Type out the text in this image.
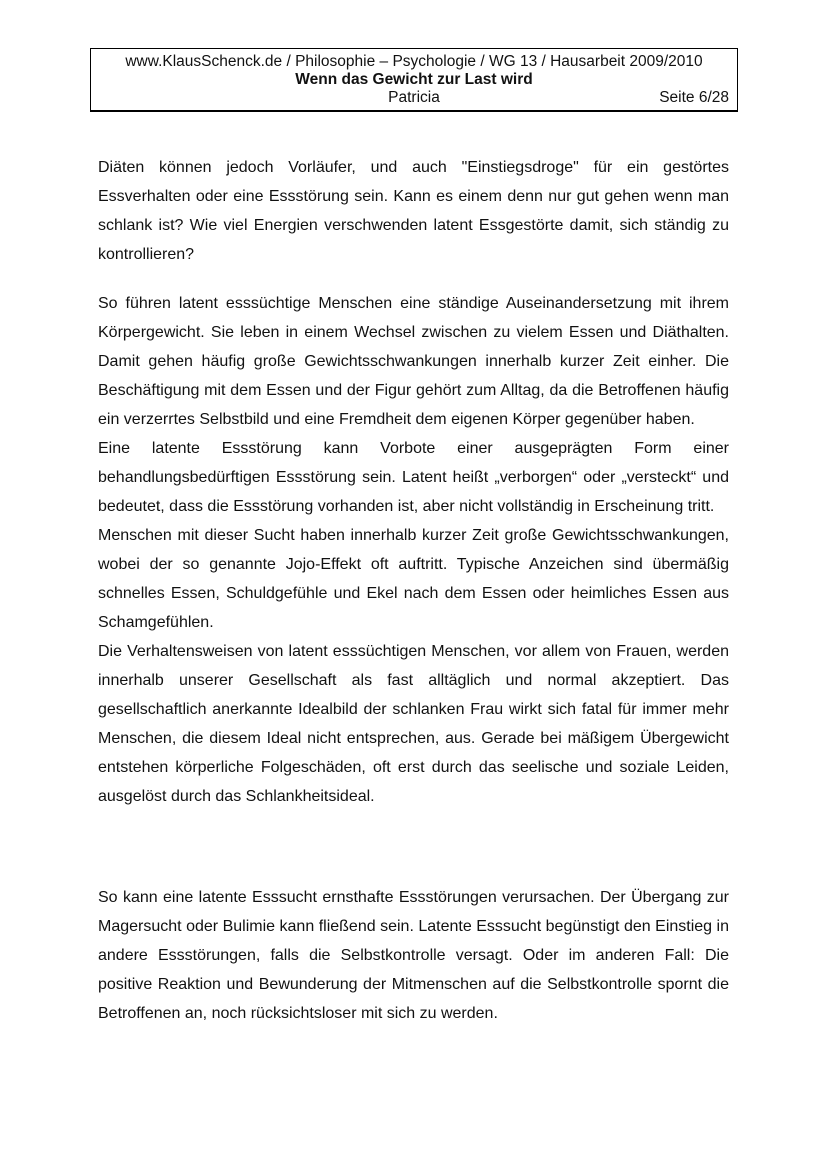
www.KlausSchenck.de / Philosophie – Psychologie / WG 13 / Hausarbeit 2009/2010
Wenn das Gewicht zur Last wird
Patricia	Seite 6/28

Diäten können jedoch Vorläufer, und auch "Einstiegsdroge" für ein gestörtes Essverhalten oder eine Essstörung sein. Kann es einem denn nur gut gehen wenn man schlank ist? Wie viel Energien verschwenden latent Essgestörte damit, sich ständig zu kontrollieren?

So führen latent esssüchtige Menschen eine ständige Auseinandersetzung mit ihrem Körpergewicht. Sie leben in einem Wechsel zwischen zu vielem Essen und Diäthalten. Damit gehen häufig große Gewichtsschwankungen innerhalb kurzer Zeit einher. Die Beschäftigung mit dem Essen und der Figur gehört zum Alltag, da die Betroffenen häufig ein verzerrtes Selbstbild und eine Fremdheit dem eigenen Körper gegenüber haben.

Eine latente Essstörung kann Vorbote einer ausgeprägten Form einer behandlungsbedürftigen Essstörung sein. Latent heißt „verborgen“ oder „versteckt“ und bedeutet, dass die Essstörung vorhanden ist, aber nicht vollständig in Erscheinung tritt.

Menschen mit dieser Sucht haben innerhalb kurzer Zeit große Gewichtsschwankungen, wobei der so genannte Jojo-Effekt oft auftritt. Typische Anzeichen sind übermäßig schnelles Essen, Schuldgefühle und Ekel nach dem Essen oder heimliches Essen aus Schamgefühlen.

Die Verhaltensweisen von latent esssüchtigen Menschen, vor allem von Frauen, werden innerhalb unserer Gesellschaft als fast alltäglich und normal akzeptiert. Das gesellschaftlich anerkannte Idealbild der schlanken Frau wirkt sich fatal für immer mehr Menschen, die diesem Ideal nicht entsprechen, aus. Gerade bei mäßigem Übergewicht entstehen körperliche Folgeschäden, oft erst durch das seelische und soziale Leiden, ausgelöst durch das Schlankheitsideal.

So kann eine latente Esssucht ernsthafte Essstörungen verursachen. Der Übergang zur Magersucht oder Bulimie kann fließend sein. Latente Esssucht begünstigt den Einstieg in andere Essstörungen, falls die Selbstkontrolle versagt. Oder im anderen Fall: Die positive Reaktion und Bewunderung der Mitmenschen auf die Selbstkontrolle spornt die Betroffenen an, noch rücksichtsloser mit sich zu werden.
